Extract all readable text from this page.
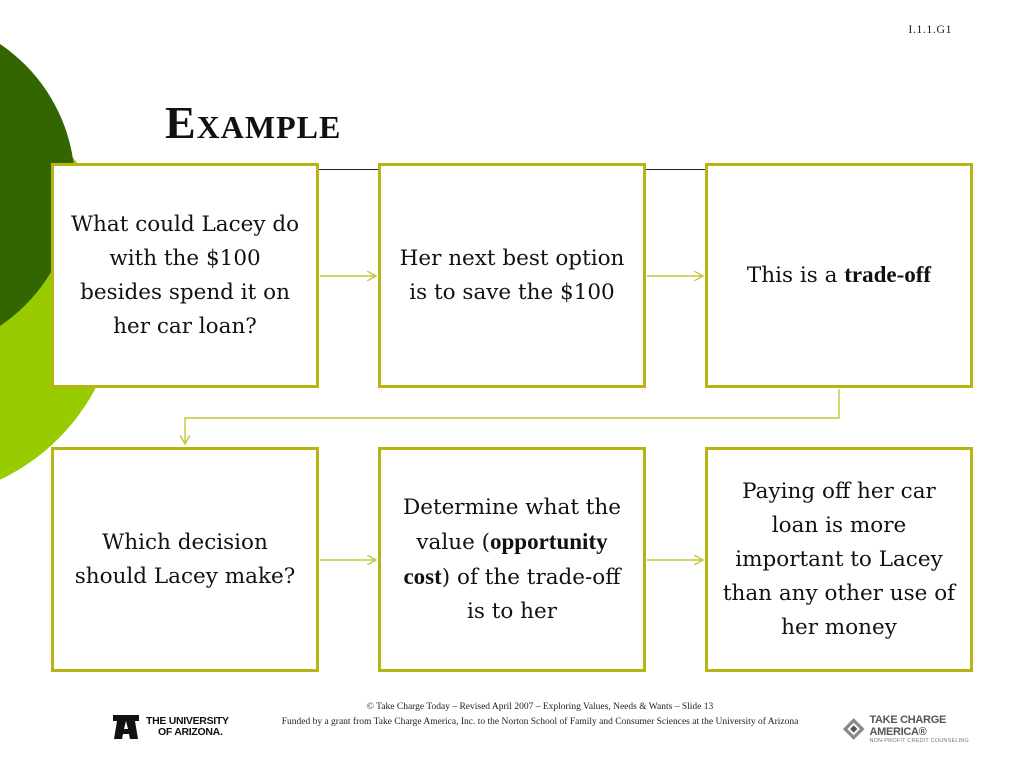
I.1.1.G1
Example
What could Lacey do with the $100 besides spend it on her car loan?
Her next best option is to save the $100
This is a trade-off
Which decision should Lacey make?
Determine what the value (opportunity cost) of the trade-off is to her
Paying off her car loan is more important to Lacey than any other use of her money
© Take Charge Today – Revised April 2007 – Exploring Values, Needs & Wants – Slide 13
Funded by a grant from Take Charge America, Inc. to the Norton School of Family and Consumer Sciences at the University of Arizona
THE UNIVERSITY
OF ARIZONA.
TAKE CHARGE AMERICA®
NON-PROFIT CREDIT COUNSELING
